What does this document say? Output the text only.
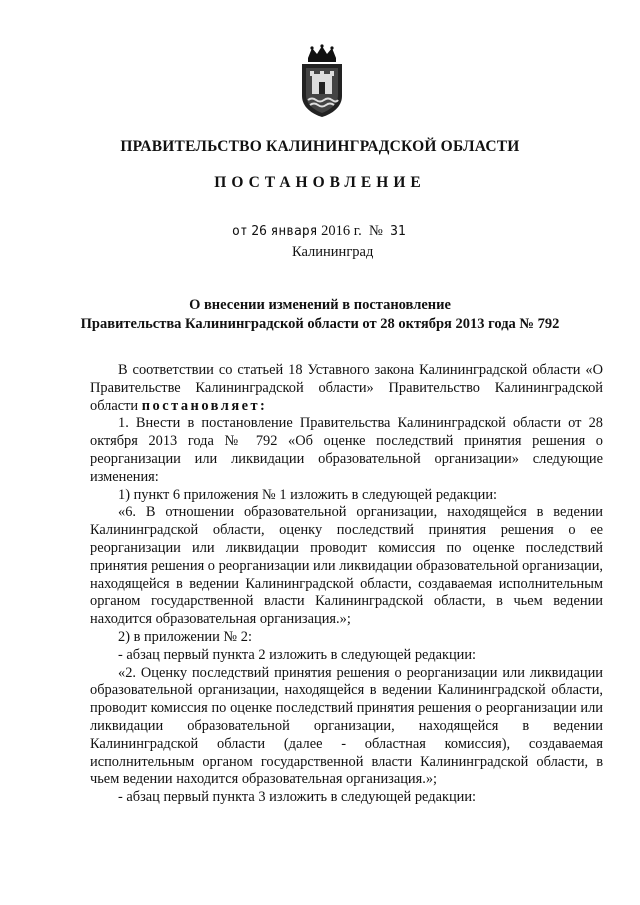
ПРАВИТЕЛЬСТВО КАЛИНИНГРАДСКОЙ ОБЛАСТИ
ПОСТАНОВЛЕНИЕ
от 26 января 2016 г. № 31
Калининград
О внесении изменений в постановление
Правительства Калининградской области от 28 октября 2013 года № 792

В соответствии со статьей 18 Уставного закона Калининградской области «О Правительстве Калининградской области» Правительство Калининградской области постановляет:

1. Внести в постановление Правительства Калининградской области от 28 октября 2013 года № 792 «Об оценке последствий принятия решения о реорганизации или ликвидации образовательной организации» следующие изменения:

1) пункт 6 приложения № 1 изложить в следующей редакции:

«6. В отношении образовательной организации, находящейся в ведении Калининградской области, оценку последствий принятия решения о ее реорганизации или ликвидации проводит комиссия по оценке последствий принятия решения о реорганизации или ликвидации образовательной организации, находящейся в ведении Калининградской области, создаваемая исполнительным органом государственной власти Калининградской области, в чьем ведении находится образовательная организация.»;

2) в приложении № 2:

- абзац первый пункта 2 изложить в следующей редакции:

«2. Оценку последствий принятия решения о реорганизации или ликвидации образовательной организации, находящейся в ведении Калининградской области, проводит комиссия по оценке последствий принятия решения о реорганизации или ликвидации образовательной организации, находящейся в ведении Калининградской области (далее - областная комиссия), создаваемая исполнительным органом государственной власти Калининградской области, в чьем ведении находится образовательная организация.»;

- абзац первый пункта 3 изложить в следующей редакции:
